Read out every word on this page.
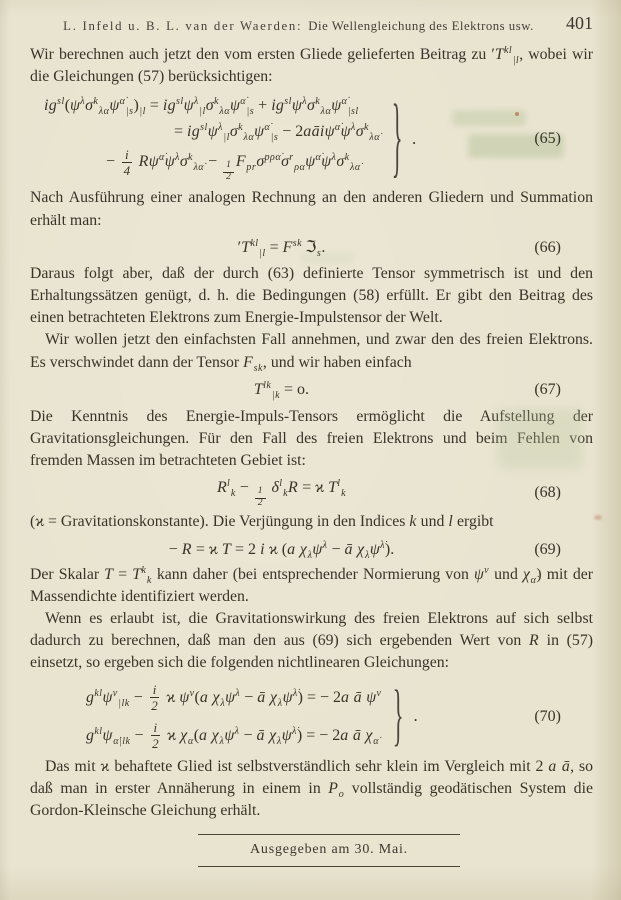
L. Infeld u. B. L. van der Waerden: Die Wellengleichung des Elektrons usw.	401

Wir berechnen auch jetzt den vom ersten Gliede gelieferten Beitrag zu $'T^{kl}_{|l}$, wobei wir die Gleichungen (57) berücksichtigen:

$ig^{sl}(\psi^\lambda\sigma^k_{\lambda\alphȧ}\psi^{\alphȧ}_{|s})_{|l} = ig^{sl}\psi^\lambda_{|l}\sigma^k_{\lambda\alphȧ}\psi^{\alphȧ}_{|s} + ig^{sl}\psi^\lambda\sigma^k_{\lambda\alphȧ}\psi^{\alphȧ}_{|sl}$
= $ig^{sl}\psi^\lambda_{|l}\sigma^k_{\lambda\alphȧ}\psi^{\alphȧ}_{|s}$ − $2aāi\psi^{\alphȧ}\psi^\lambda\sigma^k_{\lambda\alphȧ}$
− $\frac{i}{4} R\psi^{\alphȧ}\psi^\lambda\sigma^k_{\lambda\alphȧ} - \frac{1}{2} F_{pr}\sigma^{p\rho\alphȧ}\sigma^r_{\rho\alphȧ}\psi^{\alphȧ}\psi^\lambda\sigma^k_{\lambda\alphȧ}$	} .	(65)

Nach Ausführung einer analogen Rechnung an den anderen Gliedern und Summation erhält man:

$'T^{kl}_{|l} = F^{sk}$ ℑ$_s$.	(66)

Daraus folgt aber, daß der durch (63) definierte Tensor symmetrisch ist und den Erhaltungssätzen genügt, d. h. die Bedingungen (58) erfüllt. Er gibt den Beitrag des einen betrachteten Elektrons zum Energie-Impulstensor der Welt.

Wir wollen jetzt den einfachsten Fall annehmen, und zwar den des freien Elektrons. Es verschwindet dann der Tensor $F_{sk}$, und wir haben einfach

$T^{lk}_{|k} = o$.	(67)

Die Kenntnis des Energie-Impuls-Tensors ermöglicht die Aufstellung der Gravitationsgleichungen. Für den Fall des freien Elektrons und beim Fehlen von fremden Massen im betrachteten Gebiet ist:

$R^l_k - \frac{1}{2} \delta^l_kR = ϰ$ $T^l_k$	(68)

(ϰ = Gravitationskonstante). Die Verjüngung in den Indices k und l ergibt

− R = ϰ T = 2 i ϰ (a $\chi_\lambda\psi^\lambda$ − ā $\chi_{\lambdȧ}\psi^{\lambdȧ}$).	(69)

Der Skalar $T = T^k_k$ kann daher (bei entsprechender Normierung von $\psi^\nu$ und $\chi_{\alphȧ}$) mit der Massendichte identifiziert werden.

Wenn es erlaubt ist, die Gravitationswirkung des freien Elektrons auf sich selbst dadurch zu berechnen, daß man den aus (69) sich ergebenden Wert von R in (57) einsetzt, so ergeben sich die folgenden nichtlinearen Gleichungen:

$g^{kl}\psi^\nu_{|lk} - \frac{i}{2}$ ϰ $\psi^\nu(a$ $\chi_\lambda\psi^\lambda$ − ā $\chi_{\lambdȧ}\psi^{\lambdȧ}$) = − 2a ā $\psi^\nu$
$g^{kl}\psi_{\alphȧ|lk} - \frac{i}{2}$ ϰ $\chi_{\alphȧ}(a$ $\chi_\lambda\psi^\lambda$ − ā $\chi_{\lambdȧ}\psi^{\lambdȧ}$) = − 2a ā $\chi_{\alphȧ}$ } .	(70)

Das mit ϰ behaftete Glied ist selbstverständlich sehr klein im Vergleich mit 2 a ā, so daß man in erster Annäherung in einem in $P_o$ vollständig geodätischen System die Gordon-Kleinsche Gleichung erhält.

Ausgegeben am 30. Mai.
